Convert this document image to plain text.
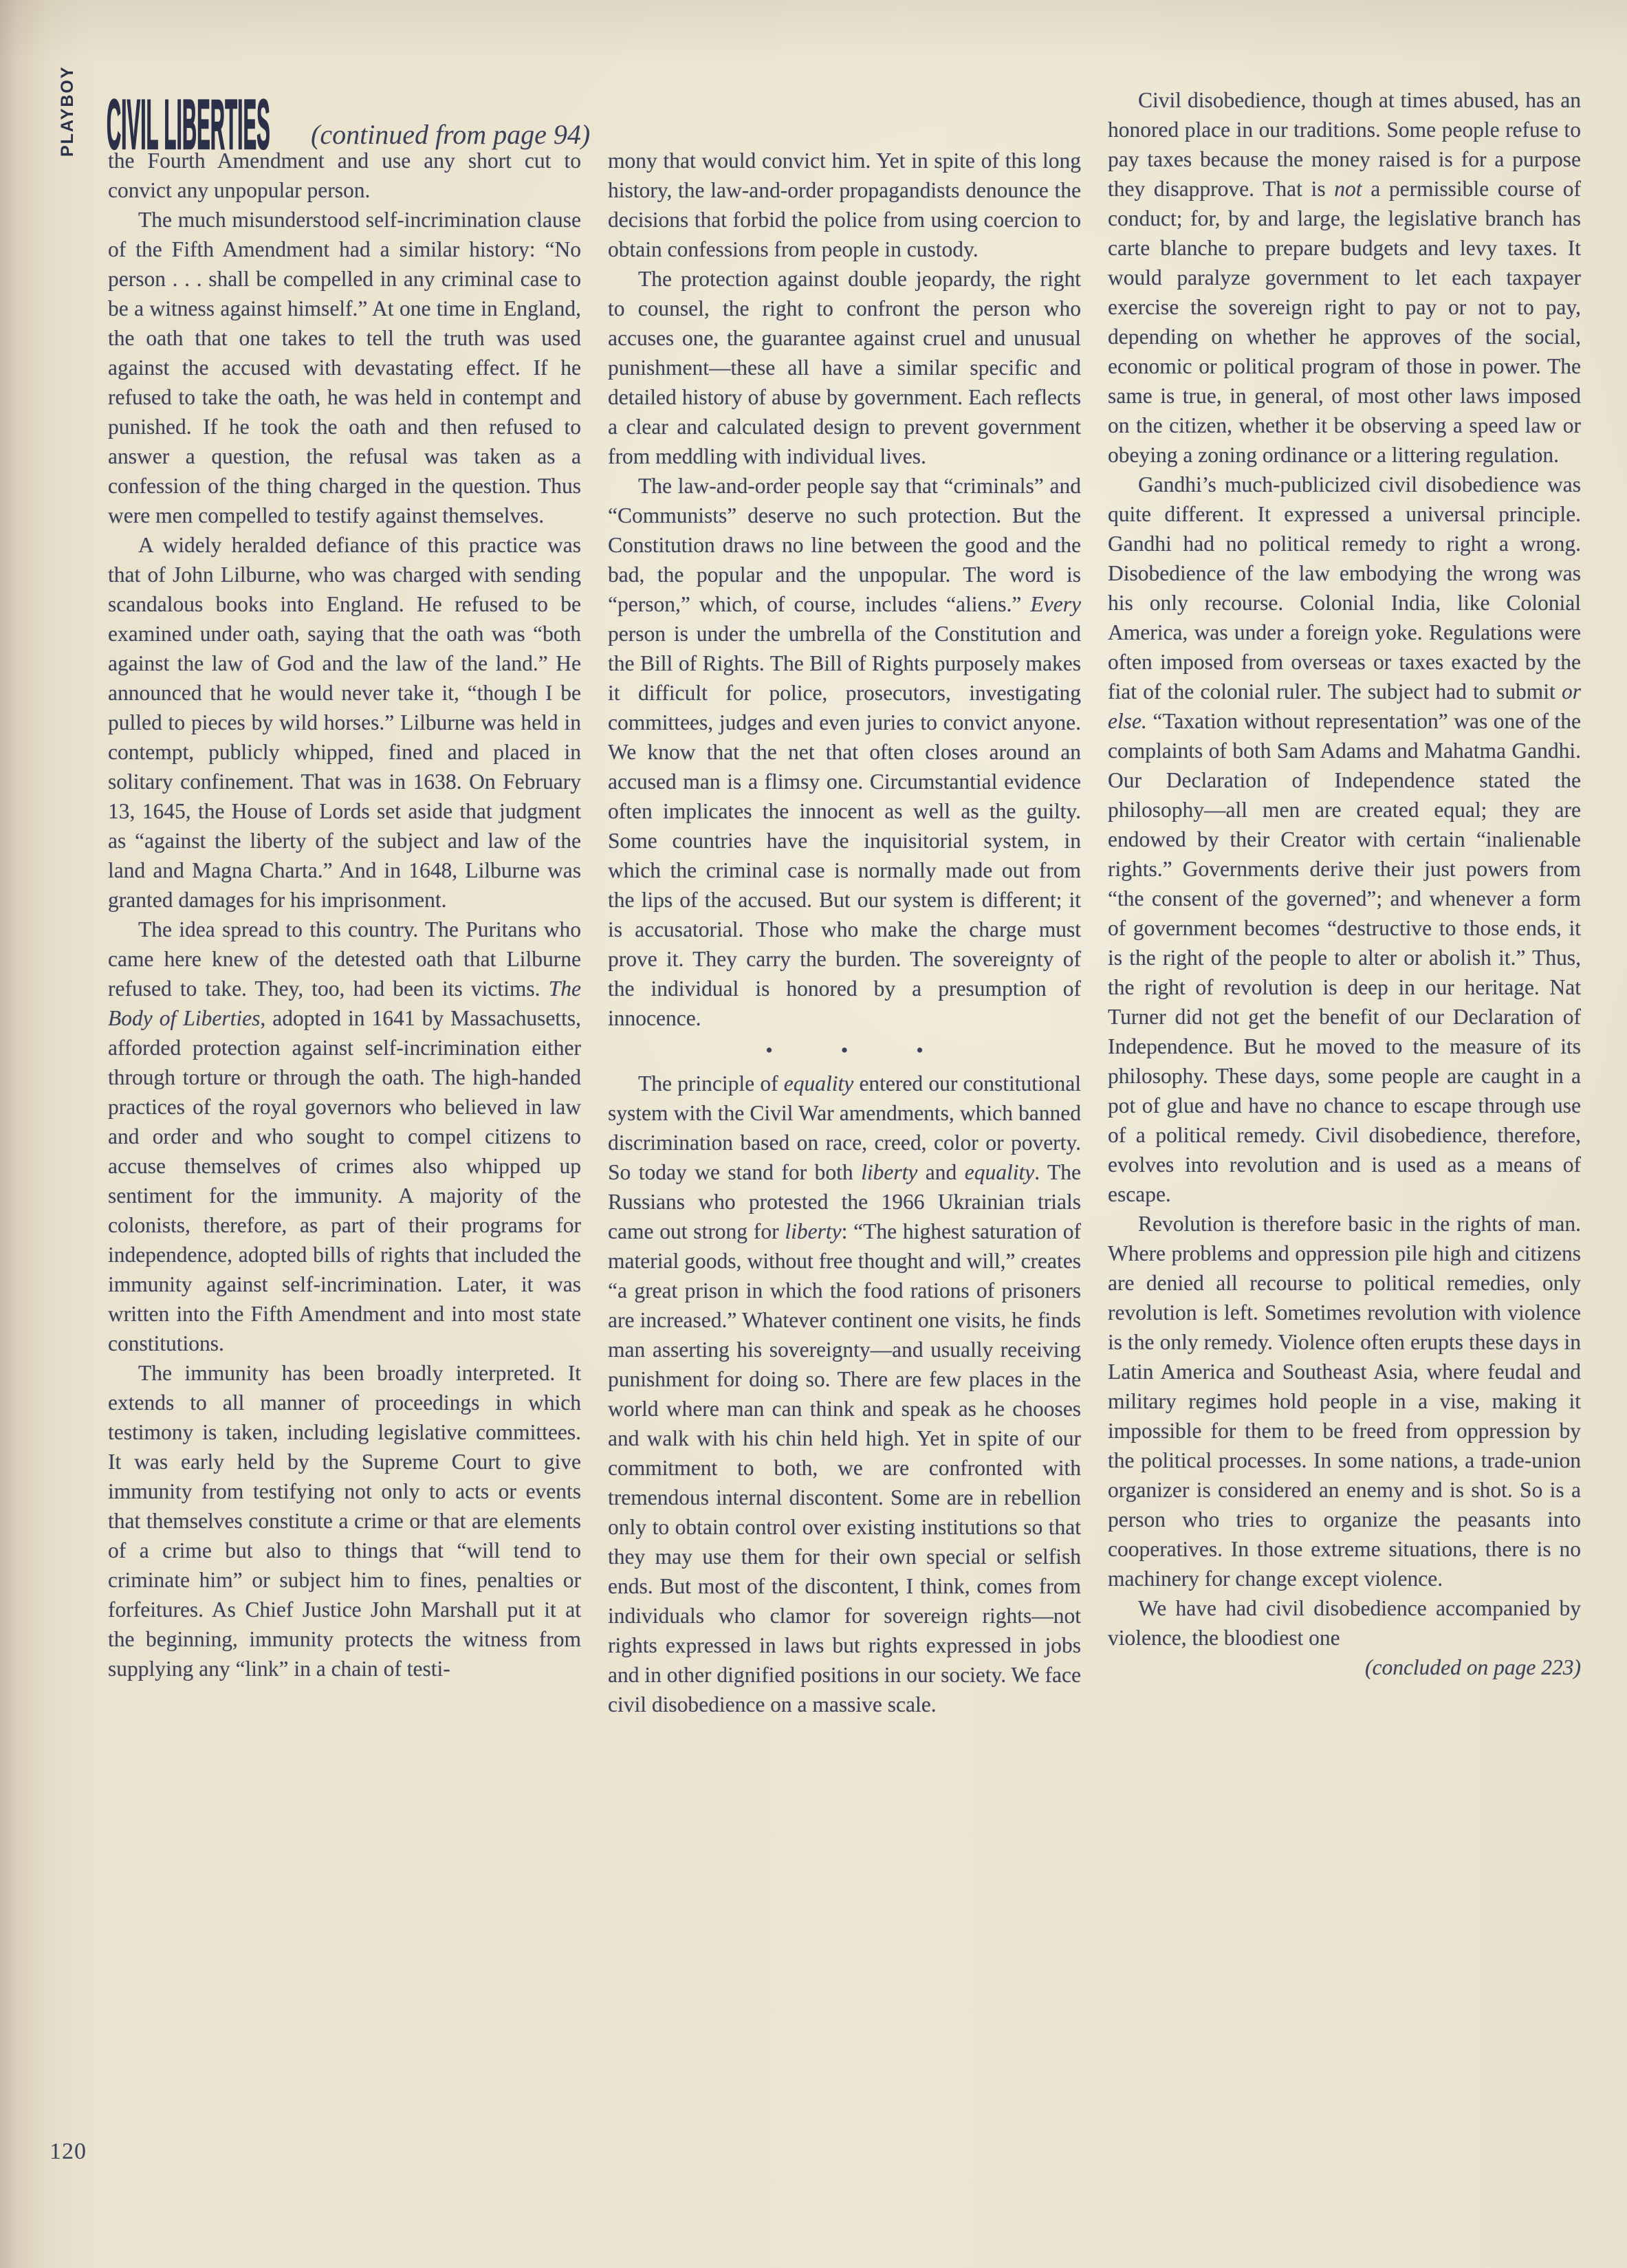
PLAYBOY CIVIL LIBERTIES	(continued from page 94)

the Fourth Amendment and use any short cut to convict any unpopular person.

The much misunderstood self-incrimination clause of the Fifth Amendment had a similar history: “No person . . . shall be compelled in any criminal case to be a witness against himself.” At one time in England, the oath that one takes to tell the truth was used against the accused with devastating effect. If he refused to take the oath, he was held in contempt and punished. If he took the oath and then refused to answer a question, the refusal was taken as a confession of the thing charged in the question. Thus were men compelled to testify against themselves.

A widely heralded defiance of this practice was that of John Lilburne, who was charged with sending scandalous books into England. He refused to be examined under oath, saying that the oath was “both against the law of God and the law of the land.” He announced that he would never take it, “though I be pulled to pieces by wild horses.” Lilburne was held in contempt, publicly whipped, fined and placed in solitary confinement. That was in 1638. On February 13, 1645, the House of Lords set aside that judgment as “against the liberty of the subject and law of the land and Magna Charta.” And in 1648, Lilburne was granted damages for his imprisonment.

The idea spread to this country. The Puritans who came here knew of the detested oath that Lilburne refused to take. They, too, had been its victims. The Body of Liberties, adopted in 1641 by Massachusetts, afforded protection against self-incrimination either through torture or through the oath. The high-handed practices of the royal governors who believed in law and order and who sought to compel citizens to accuse themselves of crimes also whipped up sentiment for the immunity. A majority of the colonists, therefore, as part of their programs for independence, adopted bills of rights that included the immunity against self-incrimination. Later, it was written into the Fifth Amendment and into most state constitutions.

The immunity has been broadly interpreted. It extends to all manner of proceedings in which testimony is taken, including legislative committees. It was early held by the Supreme Court to give immunity from testifying not only to acts or events that themselves constitute a crime or that are elements of a crime but also to things that “will tend to criminate him” or subject him to fines, penalties or forfeitures. As Chief Justice John Marshall put it at the beginning, immunity protects the witness from supplying any “link” in a chain of testi-

mony that would convict him. Yet in spite of this long history, the law-and-order propagandists denounce the decisions that forbid the police from using coercion to obtain confessions from people in custody.

The protection against double jeopardy, the right to counsel, the right to confront the person who accuses one, the guarantee against cruel and unusual punishment—these all have a similar specific and detailed history of abuse by government. Each reflects a clear and calculated design to prevent government from meddling with individual lives.

The law-and-order people say that “criminals” and “Communists” deserve no such protection. But the Constitution draws no line between the good and the bad, the popular and the unpopular. The word is “person,” which, of course, includes “aliens.” Every person is under the umbrella of the Constitution and the Bill of Rights. The Bill of Rights purposely makes it difficult for police, prosecutors, investigating committees, judges and even juries to convict anyone. We know that the net that often closes around an accused man is a flimsy one. Circumstantial evidence often implicates the innocent as well as the guilty. Some countries have the inquisitorial system, in which the criminal case is normally made out from the lips of the accused. But our system is different; it is accusatorial. Those who make the charge must prove it. They carry the burden. The sovereignty of the individual is honored by a presumption of innocence.

• • •

The principle of equality entered our constitutional system with the Civil War amendments, which banned discrimination based on race, creed, color or poverty. So today we stand for both liberty and equality. The Russians who protested the 1966 Ukrainian trials came out strong for liberty: “The highest saturation of material goods, without free thought and will,” creates “a great prison in which the food rations of prisoners are increased.” Whatever continent one visits, he finds man asserting his sovereignty—and usually receiving punishment for doing so. There are few places in the world where man can think and speak as he chooses and walk with his chin held high. Yet in spite of our commitment to both, we are confronted with tremendous internal discontent. Some are in rebellion only to obtain control over existing institutions so that they may use them for their own special or selfish ends. But most of the discontent, I think, comes from individuals who clamor for sovereign rights—not rights expressed in laws but rights expressed in jobs and in other dignified positions in our society. We face civil disobedience on a massive scale.

Civil disobedience, though at times abused, has an honored place in our traditions. Some people refuse to pay taxes because the money raised is for a purpose they disapprove. That is not a permissible course of conduct; for, by and large, the legislative branch has carte blanche to prepare budgets and levy taxes. It would paralyze government to let each taxpayer exercise the sovereign right to pay or not to pay, depending on whether he approves of the social, economic or political program of those in power. The same is true, in general, of most other laws imposed on the citizen, whether it be observing a speed law or obeying a zoning ordinance or a littering regulation.

Gandhi’s much-publicized civil disobedience was quite different. It expressed a universal principle. Gandhi had no political remedy to right a wrong. Disobedience of the law embodying the wrong was his only recourse. Colonial India, like Colonial America, was under a foreign yoke. Regulations were often imposed from overseas or taxes exacted by the fiat of the colonial ruler. The subject had to submit or else. “Taxation without representation” was one of the complaints of both Sam Adams and Mahatma Gandhi. Our Declaration of Independence stated the philosophy—all men are created equal; they are endowed by their Creator with certain “inalienable rights.” Governments derive their just powers from “the consent of the governed”; and whenever a form of government becomes “destructive to those ends, it is the right of the people to alter or abolish it.” Thus, the right of revolution is deep in our heritage. Nat Turner did not get the benefit of our Declaration of Independence. But he moved to the measure of its philosophy. These days, some people are caught in a pot of glue and have no chance to escape through use of a political remedy. Civil disobedience, therefore, evolves into revolution and is used as a means of escape.

Revolution is therefore basic in the rights of man. Where problems and oppression pile high and citizens are denied all recourse to political remedies, only revolution is left. Sometimes revolution with violence is the only remedy. Violence often erupts these days in Latin America and Southeast Asia, where feudal and military regimes hold people in a vise, making it impossible for them to be freed from oppression by the political processes. In some nations, a trade-union organizer is considered an enemy and is shot. So is a person who tries to organize the peasants into cooperatives. In those extreme situations, there is no machinery for change except violence.

We have had civil disobedience accompanied by violence, the bloodiest one

(concluded on page 223)

120
